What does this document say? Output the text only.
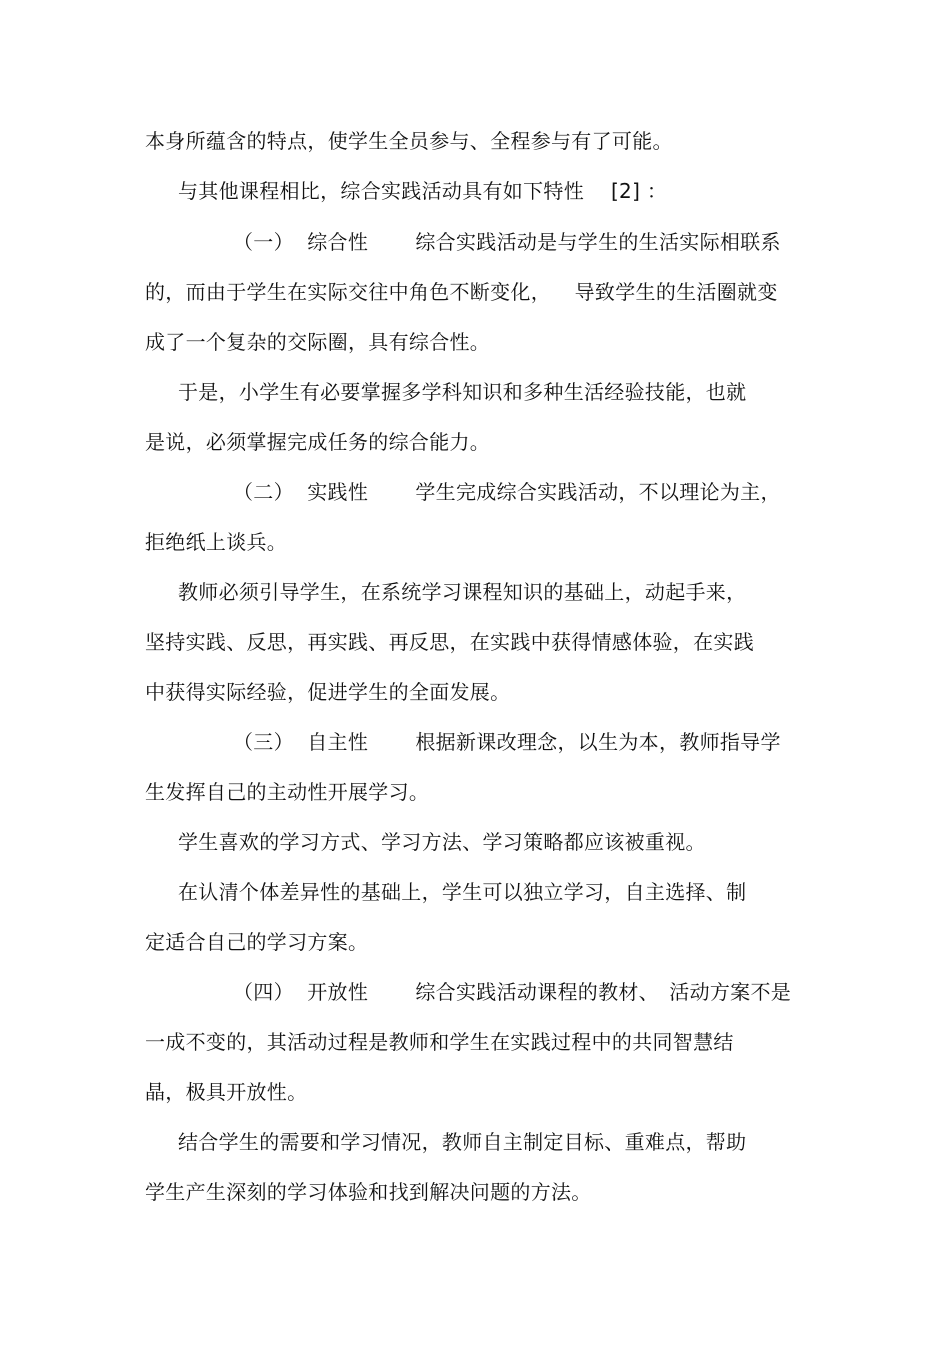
本身所蕴含的特点，使学生全员参与、全程参与有了可能。
与其他课程相比，综合实践活动具有如下特性　 [2] ：
（一）  综合性　　 综合实践活动是与学生的生活实际相联系
的，而由于学生在实际交往中角色不断变化，　  导致学生的生活圈就变
成了一个复杂的交际圈，具有综合性。
于是，小学生有必要掌握多学科知识和多种生活经验技能，也就
是说，必须掌握完成任务的综合能力。
（二）  实践性　　 学生完成综合实践活动，不以理论为主，
拒绝纸上谈兵。
教师必须引导学生，在系统学习课程知识的基础上，动起手来，
坚持实践、反思，再实践、再反思，在实践中获得情感体验，在实践
中获得实际经验，促进学生的全面发展。
（三）  自主性　　 根据新课改理念，以生为本，教师指导学
生发挥自己的主动性开展学习。
学生喜欢的学习方式、学习方法、学习策略都应该被重视。
在认清个体差异性的基础上，学生可以独立学习，自主选择、制
定适合自己的学习方案。
（四）  开放性　　 综合实践活动课程的教材、　活动方案不是
一成不变的，其活动过程是教师和学生在实践过程中的共同智慧结
晶，极具开放性。
结合学生的需要和学习情况，教师自主制定目标、重难点，帮助
学生产生深刻的学习体验和找到解决问题的方法。
